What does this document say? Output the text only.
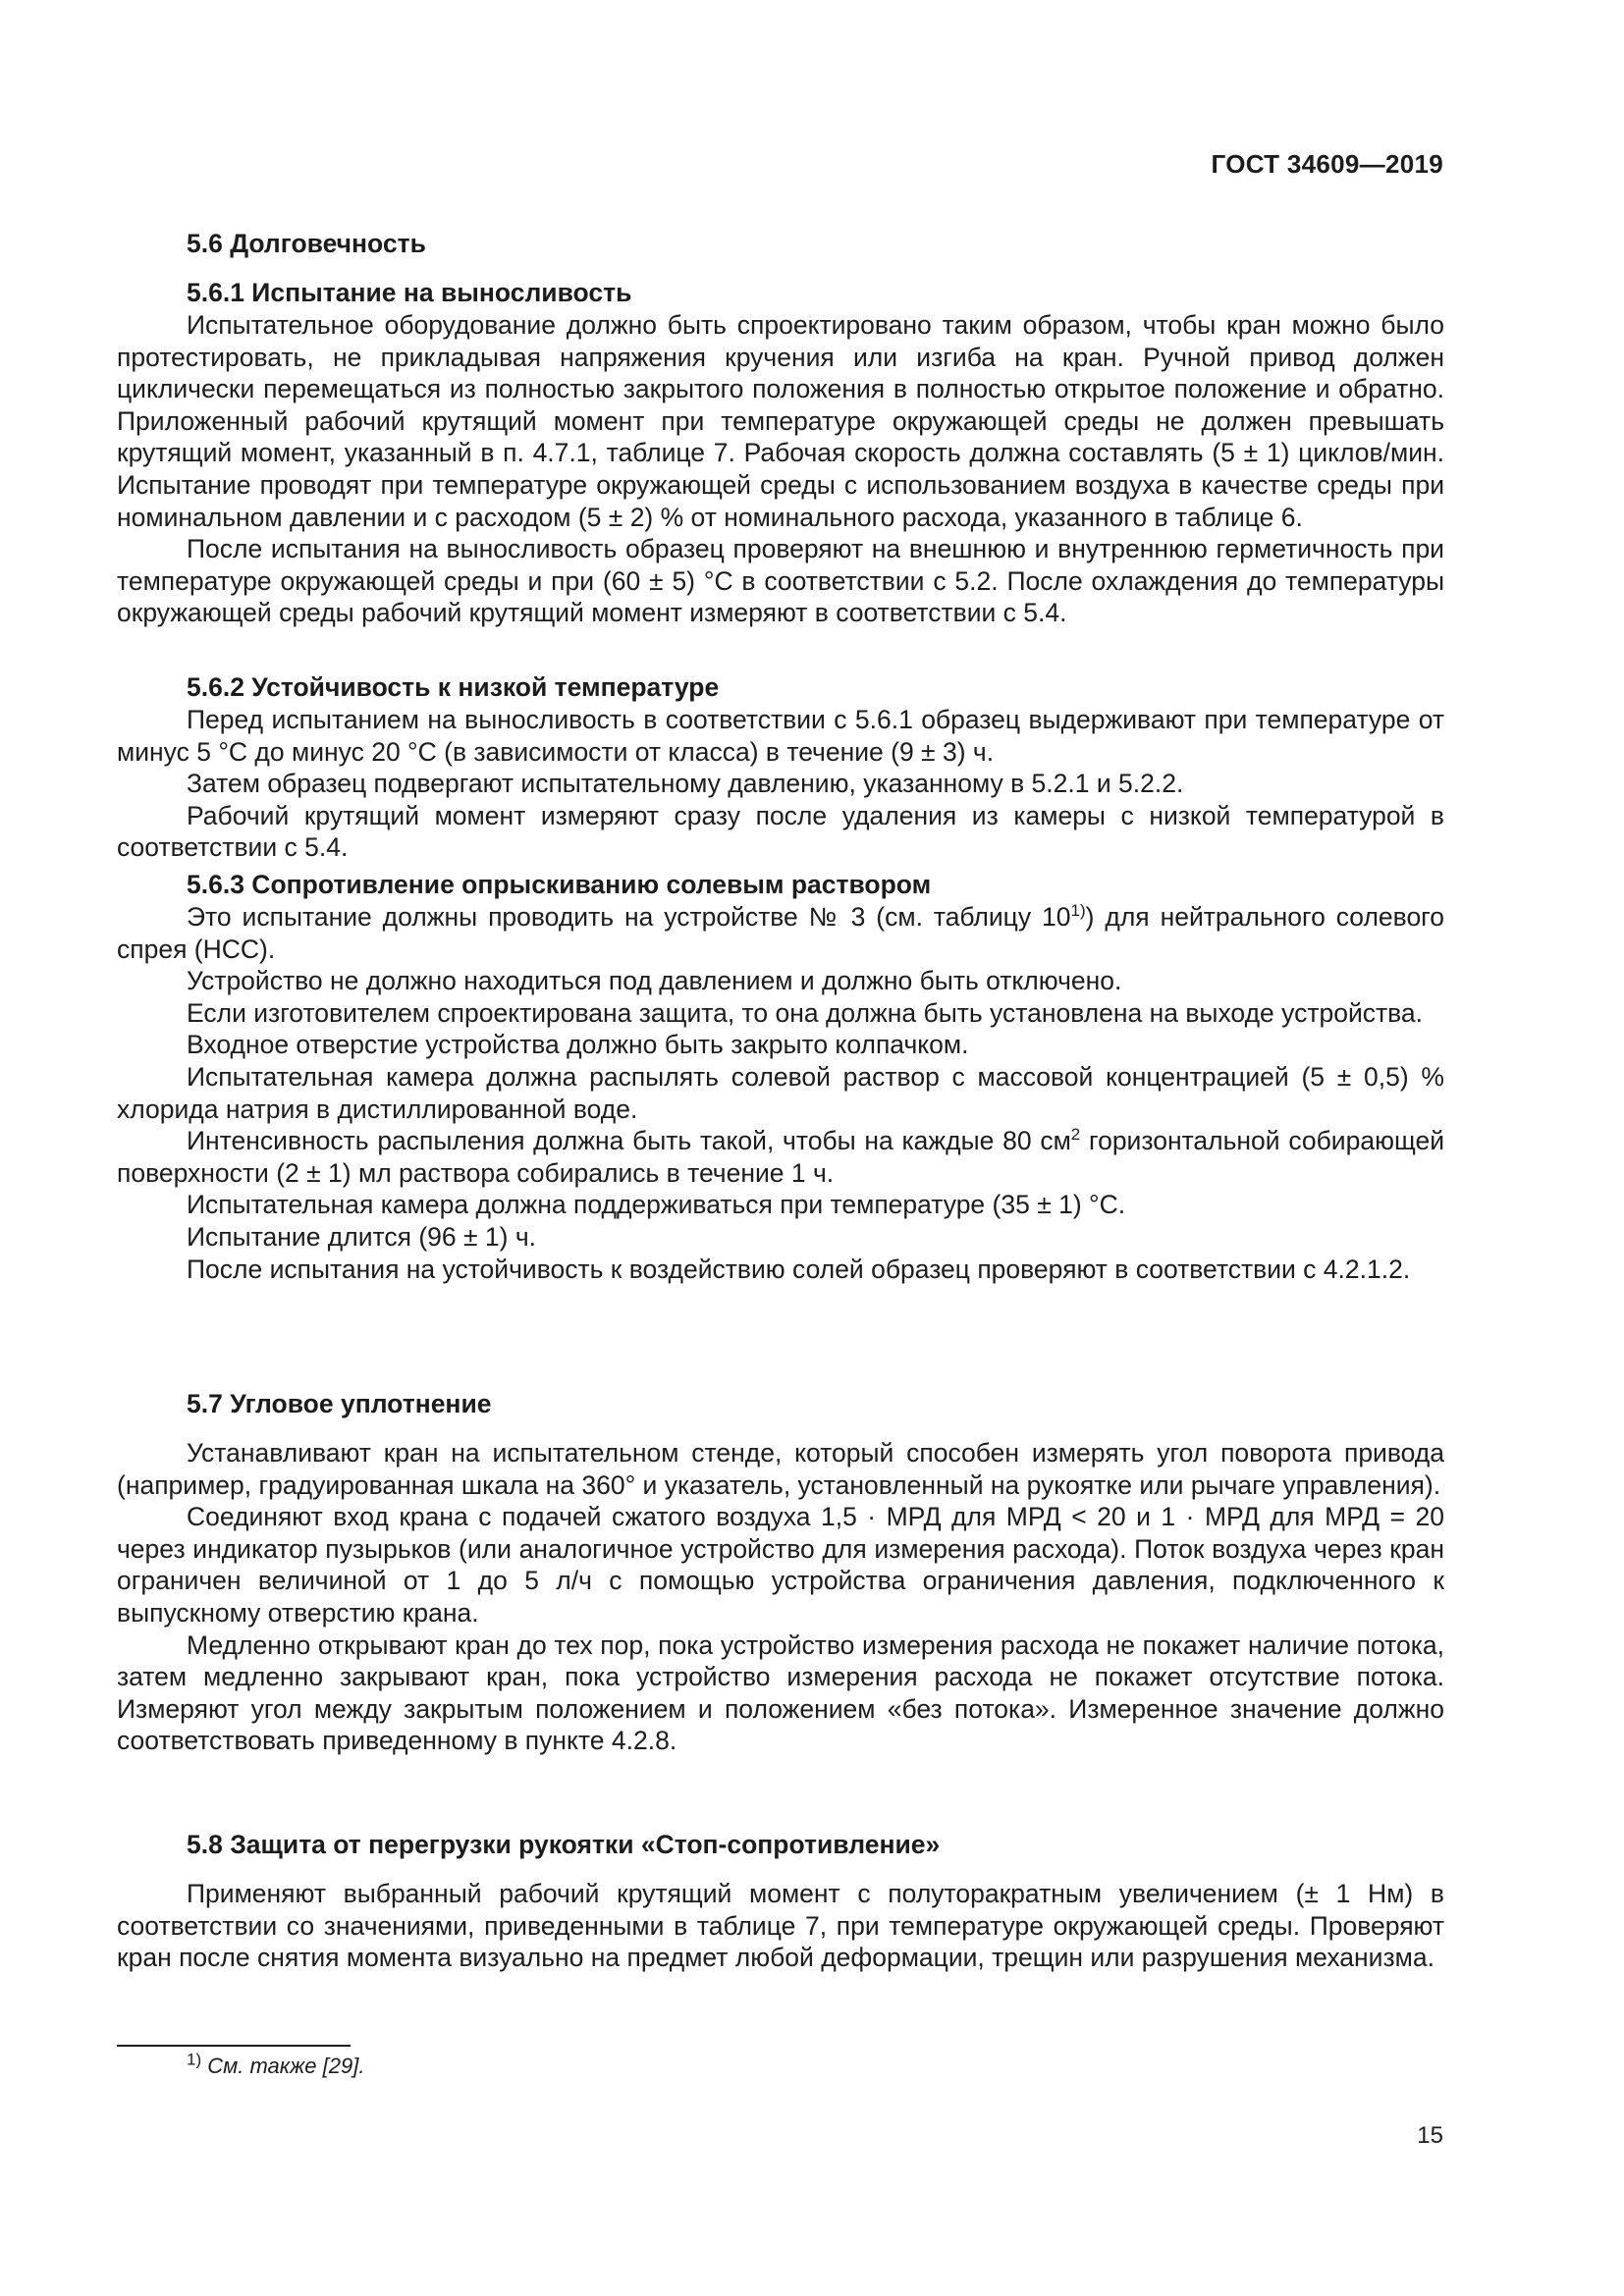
ГОСТ 34609—2019
5.6 Долговечность
5.6.1 Испытание на выносливость

Испытательное оборудование должно быть спроектировано таким образом, чтобы кран можно было протестировать, не прикладывая напряжения кручения или изгиба на кран. Ручной привод должен циклически перемещаться из полностью закрытого положения в полностью открытое положение и обратно. Приложенный рабочий крутящий момент при температуре окружающей среды не должен превышать крутящий момент, указанный в п. 4.7.1, таблице 7. Рабочая скорость должна составлять (5 ± 1) циклов/мин. Испытание проводят при температуре окружающей среды с использованием воздуха в качестве среды при номинальном давлении и с расходом (5 ± 2) % от номинального расхода, указанного в таблице 6.

После испытания на выносливость образец проверяют на внешнюю и внутреннюю герметичность при температуре окружающей среды и при (60 ± 5) °С в соответствии с 5.2. После охлаждения до температуры окружающей среды рабочий крутящий момент измеряют в соответствии с 5.4.

5.6.2 Устойчивость к низкой температуре

Перед испытанием на выносливость в соответствии с 5.6.1 образец выдерживают при температуре от минус 5 °С до минус 20 °С (в зависимости от класса) в течение (9 ± 3) ч.

Затем образец подвергают испытательному давлению, указанному в 5.2.1 и 5.2.2.

Рабочий крутящий момент измеряют сразу после удаления из камеры с низкой температурой в соответствии с 5.4.

5.6.3 Сопротивление опрыскиванию солевым раствором

Это испытание должны проводить на устройстве № 3 (см. таблицу 10$^{1)}$) для нейтрального солевого спрея (НСС).

Устройство не должно находиться под давлением и должно быть отключено.

Если изготовителем спроектирована защита, то она должна быть установлена на выходе устройства.

Входное отверстие устройства должно быть закрыто колпачком.

Испытательная камера должна распылять солевой раствор с массовой концентрацией (5 ± 0,5) % хлорида натрия в дистиллированной воде.

Интенсивность распыления должна быть такой, чтобы на каждые 80 $см^2$ горизонтальной собирающей поверхности (2 ± 1) мл раствора собирались в течение 1 ч.

Испытательная камера должна поддерживаться при температуре (35 ± 1) °С.

Испытание длится (96 ± 1) ч.

После испытания на устойчивость к воздействию солей образец проверяют в соответствии с 4.2.1.2.

5.7 Угловое уплотнение

Устанавливают кран на испытательном стенде, который способен измерять угол поворота привода (например, градуированная шкала на 360° и указатель, установленный на рукоятке или рычаге управления).

Соединяют вход крана с подачей сжатого воздуха 1,5 · МРД для МРД < 20 и 1 · МРД для МРД = 20 через индикатор пузырьков (или аналогичное устройство для измерения расхода). Поток воздуха через кран ограничен величиной от 1 до 5 л/ч с помощью устройства ограничения давления, подключенного к выпускному отверстию крана.

Медленно открывают кран до тех пор, пока устройство измерения расхода не покажет наличие потока, затем медленно закрывают кран, пока устройство измерения расхода не покажет отсутствие потока. Измеряют угол между закрытым положением и положением «без потока». Измеренное значение должно соответствовать приведенному в пункте 4.2.8.

5.8 Защита от перегрузки рукоятки «Стоп-сопротивление»

Применяют выбранный рабочий крутящий момент с полуторакратным увеличением (± 1 Нм) в соответствии со значениями, приведенными в таблице 7, при температуре окружающей среды. Проверяют кран после снятия момента визуально на предмет любой деформации, трещин или разрушения механизма.

$^{1)}$ См. также [29].
15
